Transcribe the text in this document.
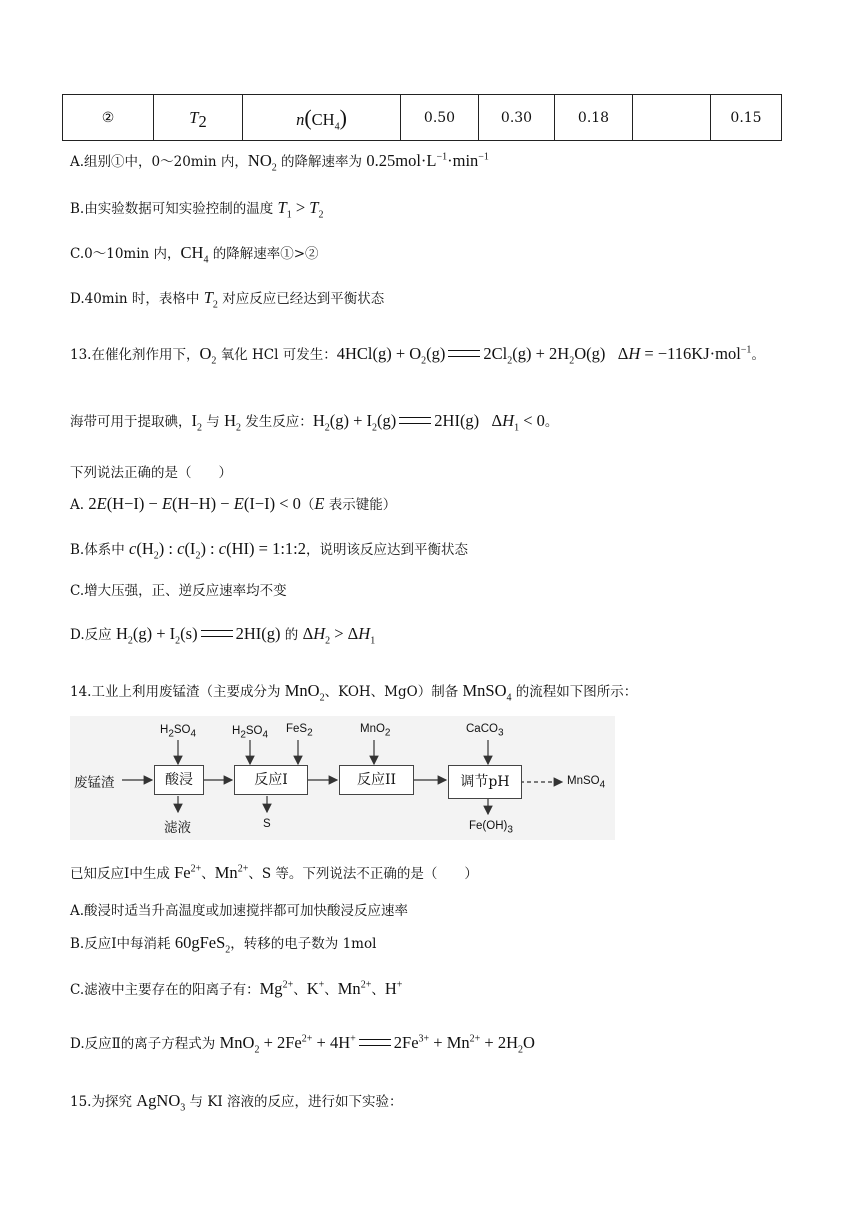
②	$T_2$	$n(CH_4)$	0.50	0.30	0.18		0.15
A.组别①中，0～20min 内，$NO_2$ 的降解速率为 $0.25mol\cdot L^{-1}\cdot\min^{-1}$
B.由实验数据可知实验控制的温度 $T_1 > T_2$
C.0～10min 内，$CH_4$ 的降解速率①>②
D.40min 时，表格中 $T_2$ 对应反应已经达到平衡状态
13.在催化剂作用下，$O_2$ 氧化 HCl 可发生：$4HCl(g) + O_2(g) 2Cl_2(g) + 2H_2O(g) \Delta H = -116KJ\cdot mol^{-1}$。
海带可用于提取碘，$I_2$ 与 $H_2$ 发生反应：$H_2(g) + I_2(g)$ 2HI(g)   $\Delta H_1 < 0$。
下列说法正确的是（　　）
A. 2E(H−I) − E(H−H) − E(I−I) < 0（E 表示键能）
B.体系中 $c(H_2)$ : $c(I_2)$ : c(HI) = 1:1:2，说明该反应达到平衡状态
C.增大压强，正、逆反应速率均不变
D.反应 $H_2(g) + I_2(s)$ 2HI(g) 的 $\Delta H_2 > \Delta H_1$
14.工业上利用废锰渣（主要成分为 MnO$_2$、KOH、MgO）制备 MnSO$_4$ 的流程如下图所示：
废锰渣	酸浸	反应I	反应II	调节pH
$H_2SO_4$	$H_2SO_4$ FeS$_2$	MnO$_2$	CaCO$_3$
滤液	S	$Fe(OH)_3$
MnSO$_4$
已知反应Ⅰ中生成 $Fe^{2+}$、$Mn^{2+}$、S 等。下列说法不正确的是（　　）
A.酸浸时适当升高温度或加速搅拌都可加快酸浸反应速率
B.反应Ⅰ中每消耗 60gFeS$_2$，转移的电子数为 1mol
C.滤液中主要存在的阳离子有：$Mg^{2+}$、K+、$Mn^{2+}$、H+
D.反应Ⅱ的离子方程式为 $MnO_2 + 2Fe^{2+} + 4H^+$ $2Fe^{3+} + Mn^{2+} + 2H_2O$
15.为探究 AgNO$_3$ 与 KI 溶液的反应，进行如下实验：
